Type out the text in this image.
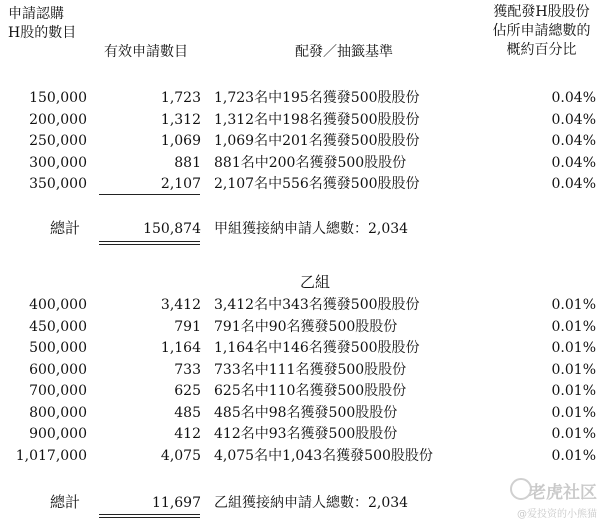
申請認購
H股的數目
有效申請數目	配發／抽籤基準
獲配發H股股份
佔所申請總數的
概約百分比
150,000	1,723 1,723名中195名獲發500股股份	0.04%
200,000	1,312 1,312名中198名獲發500股股份	0.04%
250,000	1,069 1,069名中201名獲發500股股份	0.04%
300,000	881 881名中200名獲發500股股份	0.04%
350,000	2,107 2,107名中556名獲發500股股份	0.04%
總計	150,874 甲組獲接納申請人總數：2,034
乙組
400,000	3,412 3,412名中343名獲發500股股份	0.01%
450,000	791 791名中90名獲發500股股份	0.01%
500,000	1,164 1,164名中146名獲發500股股份	0.01%
600,000	733 733名中111名獲發500股股份	0.01%
700,000	625 625名中110名獲發500股股份	0.01%
800,000	485 485名中98名獲發500股股份	0.01%
900,000	412 412名中93名獲發500股股份	0.01%
1,017,000	4,075 4,075名中1,043名獲發500股股份	0.01%
總計	11,697 乙組獲接納申請人總數：2,034	老虎社区
@爱投资的小熊猫
